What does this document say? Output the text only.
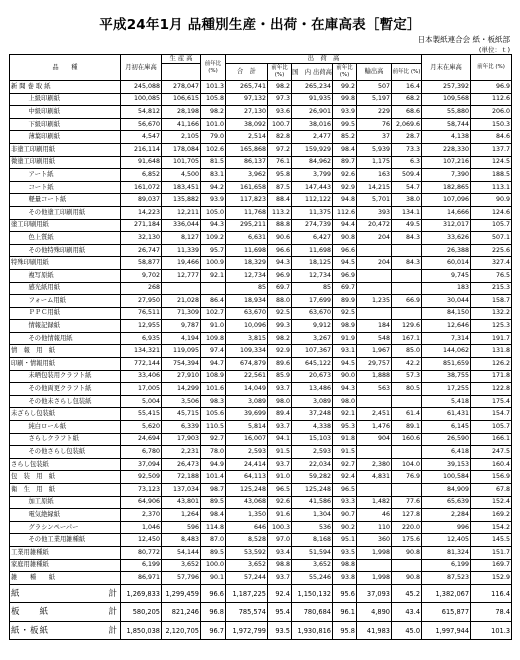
平成24年1月 品種別生産・出荷・在庫高表［暫定］
日本製紙連合会 紙・板紙部
(単位：ｔ)
品　　種		月初在庫高	生 産 高	前年比 (%)	出　荷　高						月末在庫高	前年比 (%)
					合　計	前年比 (%)	国　内 出荷高	前年比 (%)	輸出高	前年比 (%)		

新 聞 巻 取 紙		245,088	278,047	101.3	265,741	98.2	265,234	99.2	507	16.4	257,392	96.9
	上級印刷紙	100,085	106,615	105.8	97,132	97.3	91,935	99.8	5,197	68.2	109,568	112.6
	中級印刷紙	54,812	28,198	98.2	27,130	93.6	26,901	93.9	229	68.6	55,880	206.0
	下級印刷紙	56,670	41,166	101.0	38,092	100.7	38,016	99.5	76	2,069.6	58,744	150.3
	薄葉印刷紙	4,547	2,105	79.0	2,514	82.8	2,477	85.2	37	28.7	4,138	84.6
非塗工印刷用紙		216,114	178,084	102.6	165,868	97.2	159,929	98.4	5,939	73.3	228,330	137.7
微塗工印刷用紙		91,648	101,705	81.5	86,137	76.1	84,962	89.7	1,175	6.3	107,216	124.5
	アート紙	6,852	4,500	83.1	3,962	95.8	3,799	92.6	163	509.4	7,390	188.5
	コート紙	161,072	183,451	94.2	161,658	87.5	147,443	92.9	14,215	54.7	182,865	113.1
	軽量コート紙	89,037	135,882	93.9	117,823	88.4	112,122	94.8	5,701	38.0	107,096	90.9
	その他塗工印刷用紙	14,223	12,211	105.0	11,768	113.2	11,375	112.6	393	134.1	14,666	124.6
塗工印刷用紙		271,184	336,044	94.3	295,211	88.8	274,739	94.4	20,472	49.5	312,017	105.7
	色上質紙	32,130	8,127	109.2	6,631	90.6	6,427	90.8	204	84.3	33,626	507.1
	その他特殊印刷用紙	26,747	11,339	95.7	11,698	96.6	11,698	96.6			26,388	225.6
特殊印刷用紙		58,877	19,466	100.9	18,329	94.3	18,125	94.5	204	84.3	60,014	327.4
	複写原紙	9,702	12,777	92.1	12,734	96.9	12,734	96.9			9,745	76.5
	感光紙用紙	268			85	69.7	85	69.7			183	215.3
	フォーム用紙	27,950	21,028	86.4	18,934	88.0	17,699	89.9	1,235	66.9	30,044	158.7
	ＰＰＣ用紙	76,511	71,309	102.7	63,670	92.5	63,670	92.5			84,150	132.2
	情報記録紙	12,955	9,787	91.0	10,096	99.3	9,912	98.9	184	129.6	12,646	125.3
	その他情報用紙	6,935	4,194	109.8	3,815	98.2	3,267	91.9	548	167.1	7,314	191.7
情　報　用　紙		134,321	119,095	97.4	109,334	92.9	107,367	93.1	1,967	85.0	144,062	131.8
印刷・情報用紙		772,144	754,394	94.7	674,879	89.6	645,122	94.5	29,757	42.2	851,659	126.2
	未晒包装用クラフト紙	33,406	27,910	108.9	22,561	85.9	20,673	90.0	1,888	57.3	38,755	171.8
	その他両更クラフト紙	17,005	14,299	101.6	14,049	93.7	13,486	94.3	563	80.5	17,255	122.8
	その他未さらし包装紙	5,004	3,506	98.3	3,089	98.0	3,089	98.0			5,418	175.4
未ざらし包装紙		55,415	45,715	105.6	39,699	89.4	37,248	92.1	2,451	61.4	61,431	154.7
	純白ロール紙	5,620	6,339	110.5	5,814	93.7	4,338	95.3	1,476	89.1	6,145	105.7
	さらしクラフト紙	24,694	17,903	92.7	16,007	94.1	15,103	91.8	904	160.6	26,590	166.1
	その他さらし包装紙	6,780	2,231	78.0	2,593	91.5	2,593	91.5			6,418	247.5
さらし包装紙		37,094	26,473	94.9	24,414	93.7	22,034	92.7	2,380	104.0	39,153	160.4
包　装　用　紙		92,509	72,188	101.4	64,113	91.0	59,282	92.4	4,831	76.9	100,584	156.9
衛　生　用　紙		73,123	137,034	98.7	125,248	96.5	125,248	96.5			84,909	67.8
	加工原紙	64,906	43,801	89.5	43,068	92.6	41,586	93.3	1,482	77.6	65,639	152.4
	電気絶縁紙	2,370	1,264	98.4	1,350	91.6	1,304	90.7	46	127.8	2,284	169.2
	グラシンペーパー	1,046	596	114.8	646	100.3	536	90.2	110	220.0	996	154.2
	その他工業用雑種紙	12,450	8,483	87.0	8,528	97.0	8,168	95.1	360	175.6	12,405	145.5
工業用雑種紙		80,772	54,144	89.5	53,592	93.4	51,594	93.5	1,998	90.8	81,324	151.7
家庭用雑種紙		6,199	3,652	100.0	3,652	98.8	3,652	98.8			6,199	169.7
雑　　種　　紙		86,971	57,796	90.1	57,244	93.7	55,246	93.8	1,998	90.8	87,523	152.9
紙	計	1,269,833	1,299,459	96.6	1,187,225	92.4	1,150,132	95.6	37,093	45.2	1,382,067	116.4
板　　紙	計	580,205	821,246	96.8	785,574	95.4	780,684	96.1	4,890	43.4	615,877	78.4
紙・板紙	計	1,850,038	2,120,705	96.7	1,972,799	93.5	1,930,816	95.8	41,983	45.0	1,997,944	101.3
